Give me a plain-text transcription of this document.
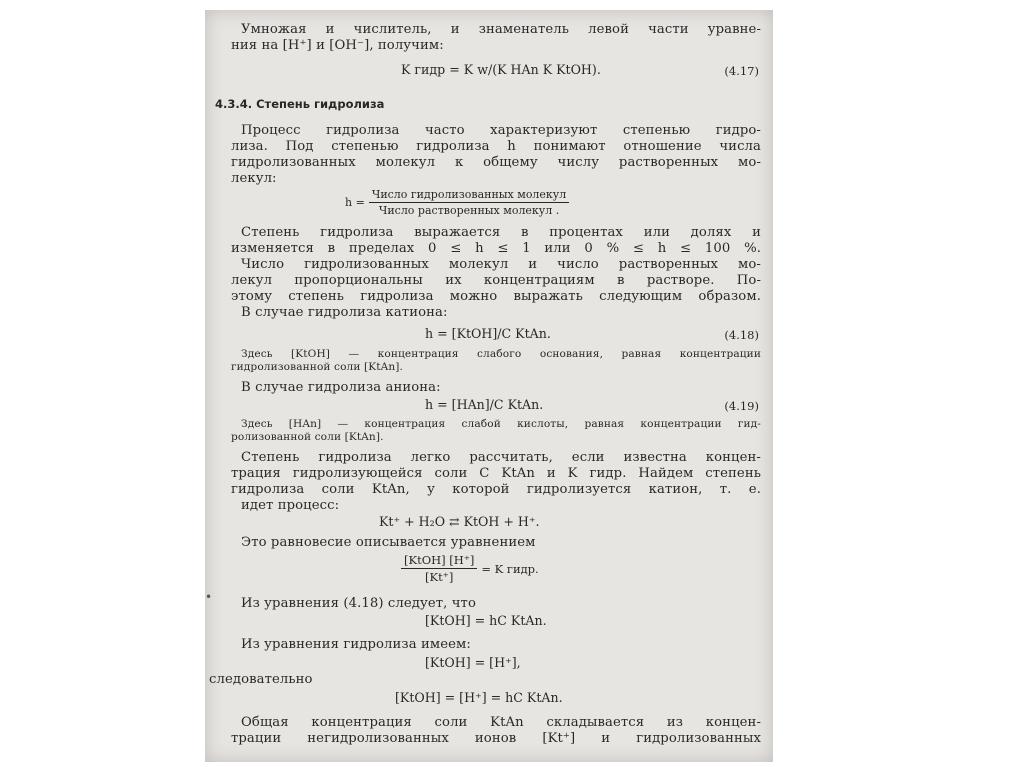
Умножая и числитель, и знаменатель левой части уравне-
ния на [H⁺] и [OH⁻], получим:
K гидр = K w/(K HAn K KtOH).	(4.17)
4.3.4. Степень гидролиза
Процесс гидролиза часто характеризуют степенью гидро-
лиза. Под степенью гидролиза h понимают отношение числа
гидролизованных молекул к общему числу растворенных мо-
лекул:
h =
Число гидролизованных молекул
Число растворенных молекул .
Степень гидролиза выражается в процентах или долях и
изменяется в пределах 0 ≤ h ≤ 1 или 0 % ≤ h ≤ 100 %.
Число гидролизованных молекул и число растворенных мо-
лекул пропорциональны их концентрациям в растворе. По-
этому степень гидролиза можно выражать следующим образом.
В случае гидролиза катиона:
h = [KtOH]/C KtAn.	(4.18)
Здесь [KtOH] — концентрация слабого основания, равная концентрации
гидролизованной соли [KtAn].
В случае гидролиза аниона:
h = [HAn]/C KtAn.	(4.19)
Здесь [HAn] — концентрация слабой кислоты, равная концентрации гид-
ролизованной соли [KtAn].
Степень гидролиза легко рассчитать, если известна концен-
трация гидролизующейся соли C KtAn и K гидр. Найдем степень
гидролиза соли KtAn, у которой гидролизуется катион, т. е.
идет процесс:
Kt⁺ + H₂O ⇄ KtOH + H⁺.
Это равновесие описывается уравнением
[KtOH] [H⁺]
[Kt⁺]
= K гидр.
• Из уравнения (4.18) следует, что
[KtOH] = hC KtAn.
Из уравнения гидролиза имеем:
[KtOH] = [H⁺],
следовательно
[KtOH] = [H⁺] = hC KtAn.
Общая концентрация соли KtAn складывается из концен-
трации негидролизованных ионов [Kt⁺] и гидролизованных
